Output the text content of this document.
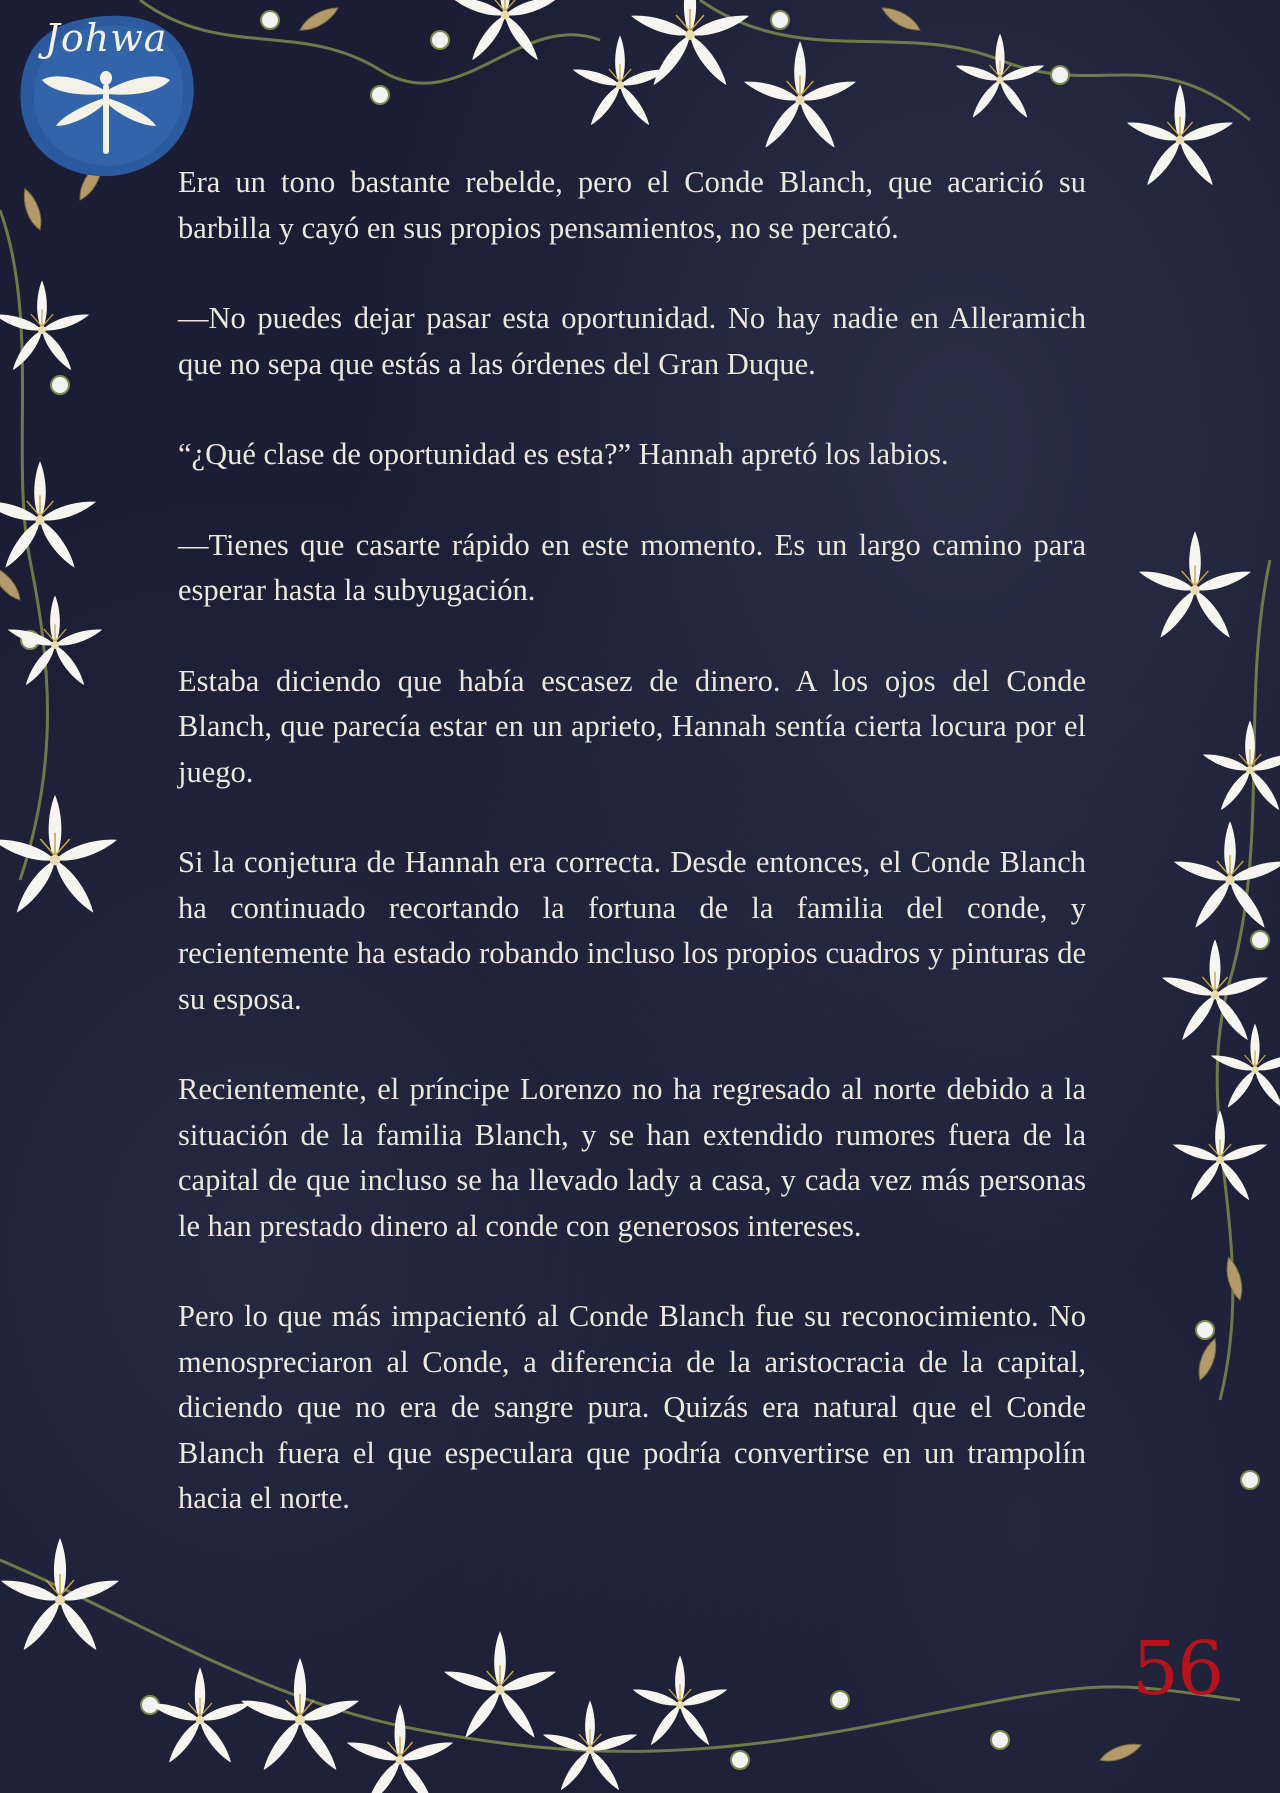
Johwa

Era un tono bastante rebelde, pero el Conde Blanch, que acarició su barbilla y cayó en sus propios pensamientos, no se percató.

—No puedes dejar pasar esta oportunidad. No hay nadie en Alleramich que no sepa que estás a las órdenes del Gran Duque.

“¿Qué clase de oportunidad es esta?” Hannah apretó los labios.

—Tienes que casarte rápido en este momento. Es un largo camino para esperar hasta la subyugación.

Estaba diciendo que había escasez de dinero. A los ojos del Conde Blanch, que parecía estar en un aprieto, Hannah sentía cierta locura por el juego.

Si la conjetura de Hannah era correcta. Desde entonces, el Conde Blanch ha continuado recortando la fortuna de la familia del conde, y recientemente ha estado robando incluso los propios cuadros y pinturas de su esposa.

Recientemente, el príncipe Lorenzo no ha regresado al norte debido a la situación de la familia Blanch, y se han extendido rumores fuera de la capital de que incluso se ha llevado lady a casa, y cada vez más personas le han prestado dinero al conde con generosos intereses.

Pero lo que más impacientó al Conde Blanch fue su reconocimiento. No menospreciaron al Conde, a diferencia de la aristocracia de la capital, diciendo que no era de sangre pura. Quizás era natural que el Conde Blanch fuera el que especulara que podría convertirse en un trampolín hacia el norte.

56
